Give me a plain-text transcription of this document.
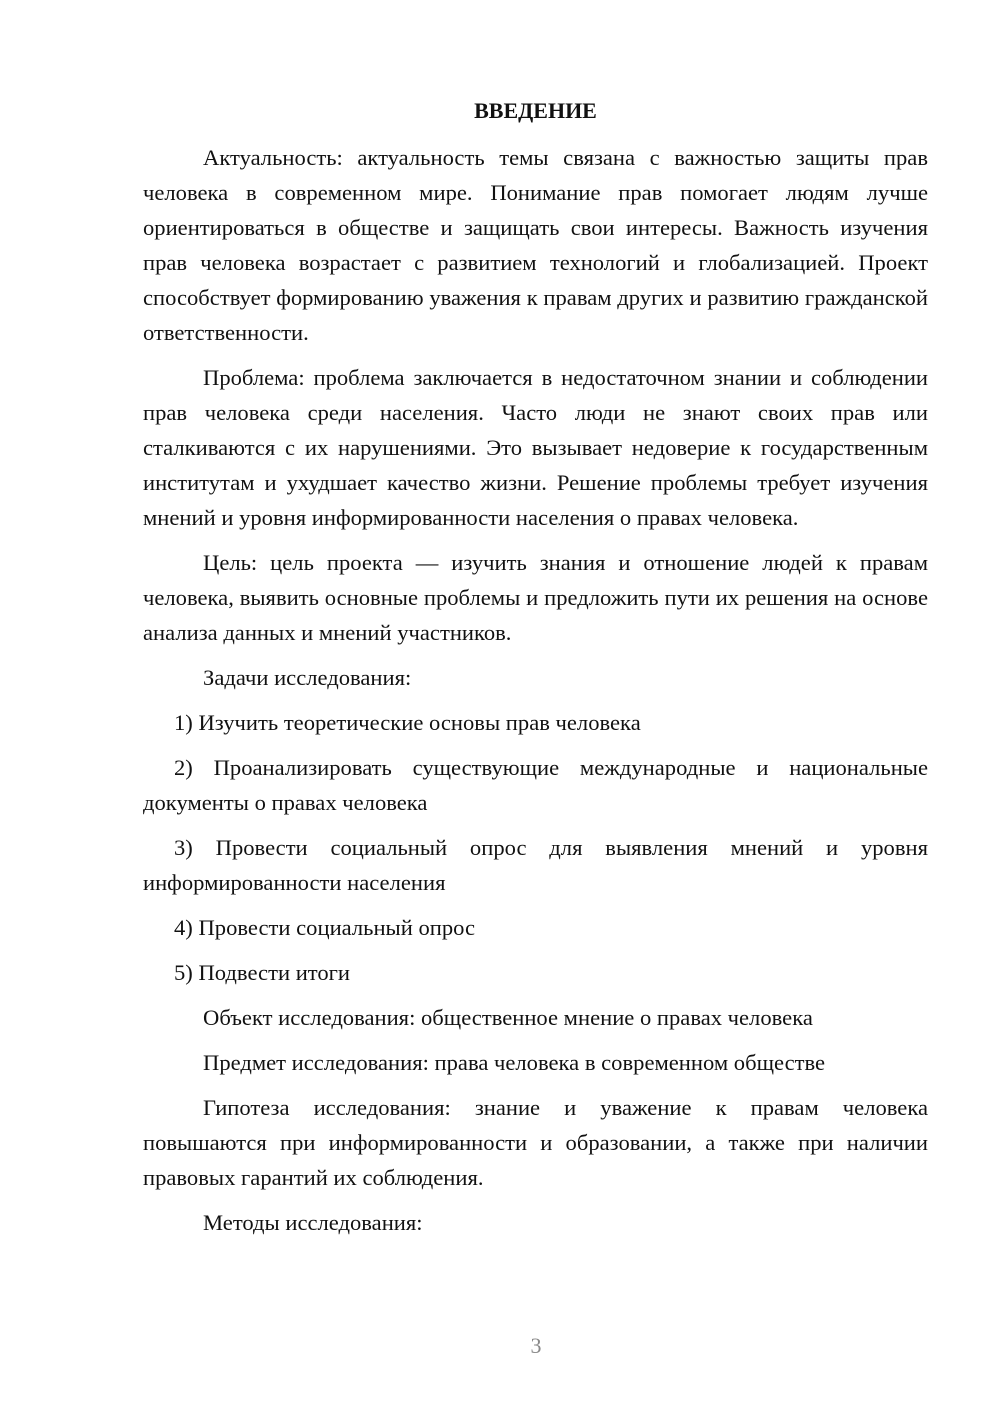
ВВЕДЕНИЕ

Актуальность: актуальность темы связана с важностью защиты прав человека в современном мире. Понимание прав помогает людям лучше ориентироваться в обществе и защищать свои интересы. Важность изучения прав человека возрастает с развитием технологий и глобализацией. Проект способствует формированию уважения к правам других и развитию гражданской ответственности.

Проблема: проблема заключается в недостаточном знании и соблюдении прав человека среди населения. Часто люди не знают своих прав или сталкиваются с их нарушениями. Это вызывает недоверие к государственным институтам и ухудшает качество жизни. Решение проблемы требует изучения мнений и уровня информированности населения о правах человека.

Цель: цель проекта — изучить знания и отношение людей к правам человека, выявить основные проблемы и предложить пути их решения на основе анализа данных и мнений участников.

Задачи исследования:

1) Изучить теоретические основы прав человека

2) Проанализировать существующие международные и национальные документы о правах человека

3) Провести социальный опрос для выявления мнений и уровня информированности населения

4) Провести социальный опрос

5) Подвести итоги

Объект исследования: общественное мнение о правах человека

Предмет исследования: права человека в современном обществе

Гипотеза исследования: знание и уважение к правам человека повышаются при информированности и образовании, а также при наличии правовых гарантий их соблюдения.

Методы исследования:

3
